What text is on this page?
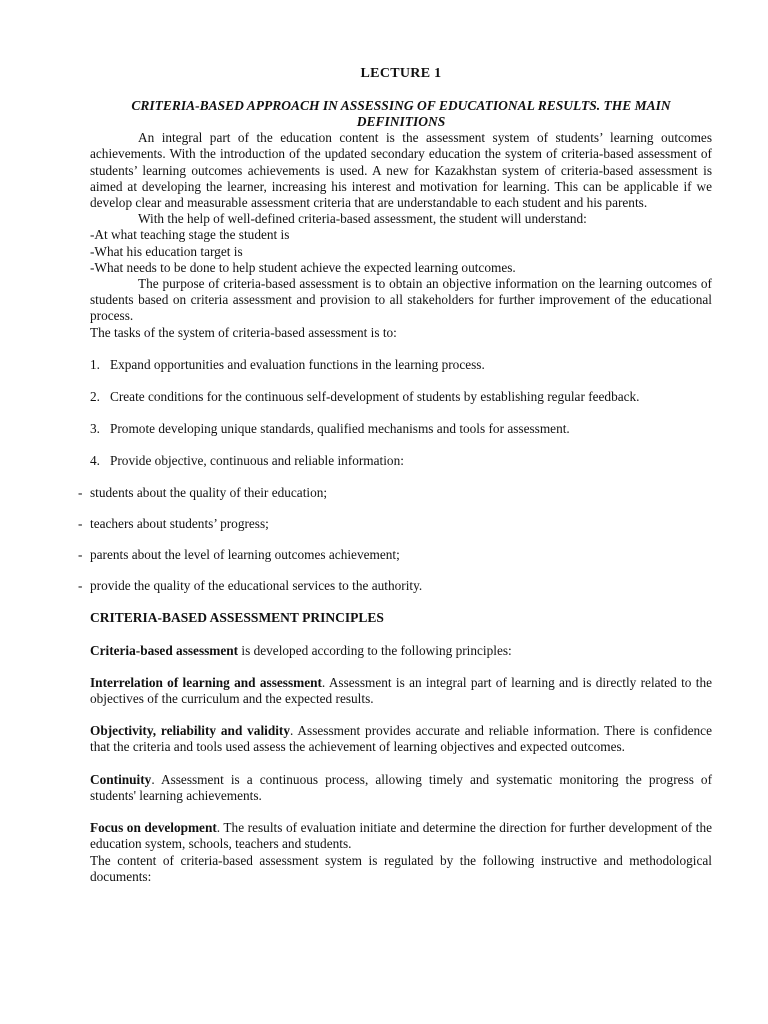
LECTURE 1

CRITERIA-BASED APPROACH IN ASSESSING OF EDUCATIONAL RESULTS. THE MAIN DEFINITIONS

An integral part of the education content is the assessment system of students’ learning outcomes achievements. With the introduction of the updated secondary education the system of criteria-based assessment of students’ learning outcomes achievements is used. A new for Kazakhstan system of criteria-based assessment is aimed at developing the learner, increasing his interest and motivation for learning. This can be applicable if we develop clear and measurable assessment criteria that are understandable to each student and his parents.

With the help of well-defined criteria-based assessment, the student will understand:

-At what teaching stage the student is

-What his education target is

-What needs to be done to help student achieve the expected learning outcomes.

The purpose of criteria-based assessment is to obtain an objective information on the learning outcomes of students based on criteria assessment and provision to all stakeholders for further improvement of the educational process.

The tasks of the system of criteria-based assessment is to:

1. Expand opportunities and evaluation functions in the learning process.

2. Create conditions for the continuous self-development of students by establishing regular feedback.

3. Promote developing unique standards, qualified mechanisms and tools for assessment.

4. Provide objective, continuous and reliable information:

- students about the quality of their education;
- teachers about students’ progress;
- parents about the level of learning outcomes achievement;
- provide the quality of the educational services to the authority.

CRITERIA-BASED ASSESSMENT PRINCIPLES

Criteria-based assessment is developed according to the following principles:

Interrelation of learning and assessment. Assessment is an integral part of learning and is directly related to the objectives of the curriculum and the expected results.

Objectivity, reliability and validity. Assessment provides accurate and reliable information. There is confidence that the criteria and tools used assess the achievement of learning objectives and expected outcomes.

Continuity. Assessment is a continuous process, allowing timely and systematic monitoring the progress of students' learning achievements.

Focus on development. The results of evaluation initiate and determine the direction for further development of the education system, schools, teachers and students.

The content of criteria-based assessment system is regulated by the following instructive and methodological documents:
